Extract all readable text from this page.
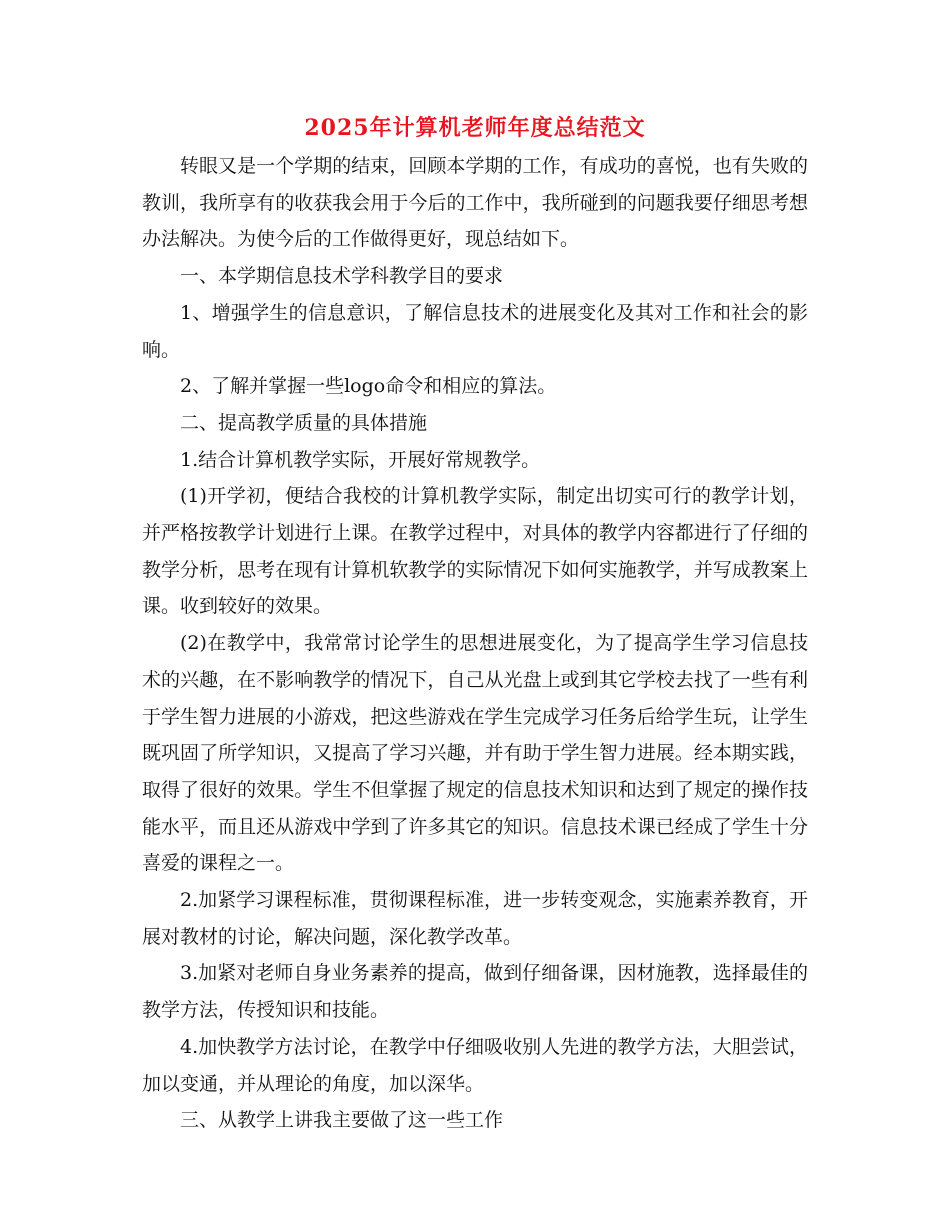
2025年计算机老师年度总结范文

转眼又是一个学期的结束，回顾本学期的工作，有成功的喜悦，也有失败的教训，我所享有的收获我会用于今后的工作中，我所碰到的问题我要仔细思考想办法解决。为使今后的工作做得更好，现总结如下。

一、本学期信息技术学科教学目的要求

1、增强学生的信息意识，了解信息技术的进展变化及其对工作和社会的影响。

2、了解并掌握一些logo命令和相应的算法。

二、提高教学质量的具体措施

1.结合计算机教学实际，开展好常规教学。

(1)开学初，便结合我校的计算机教学实际，制定出切实可行的教学计划，并严格按教学计划进行上课。在教学过程中，对具体的教学内容都进行了仔细的教学分析，思考在现有计算机软教学的实际情况下如何实施教学，并写成教案上课。收到较好的效果。

(2)在教学中，我常常讨论学生的思想进展变化，为了提高学生学习信息技术的兴趣，在不影响教学的情况下，自己从光盘上或到其它学校去找了一些有利于学生智力进展的小游戏，把这些游戏在学生完成学习任务后给学生玩，让学生既巩固了所学知识，又提高了学习兴趣，并有助于学生智力进展。经本期实践，取得了很好的效果。学生不但掌握了规定的信息技术知识和达到了规定的操作技能水平，而且还从游戏中学到了许多其它的知识。信息技术课已经成了学生十分喜爱的课程之一。

2.加紧学习课程标准，贯彻课程标准，进一步转变观念，实施素养教育，开展对教材的讨论，解决问题，深化教学改革。

3.加紧对老师自身业务素养的提高，做到仔细备课，因材施教，选择最佳的教学方法，传授知识和技能。

4.加快教学方法讨论，在教学中仔细吸收别人先进的教学方法，大胆尝试，加以变通，并从理论的角度，加以深华。

三、从教学上讲我主要做了这一些工作
